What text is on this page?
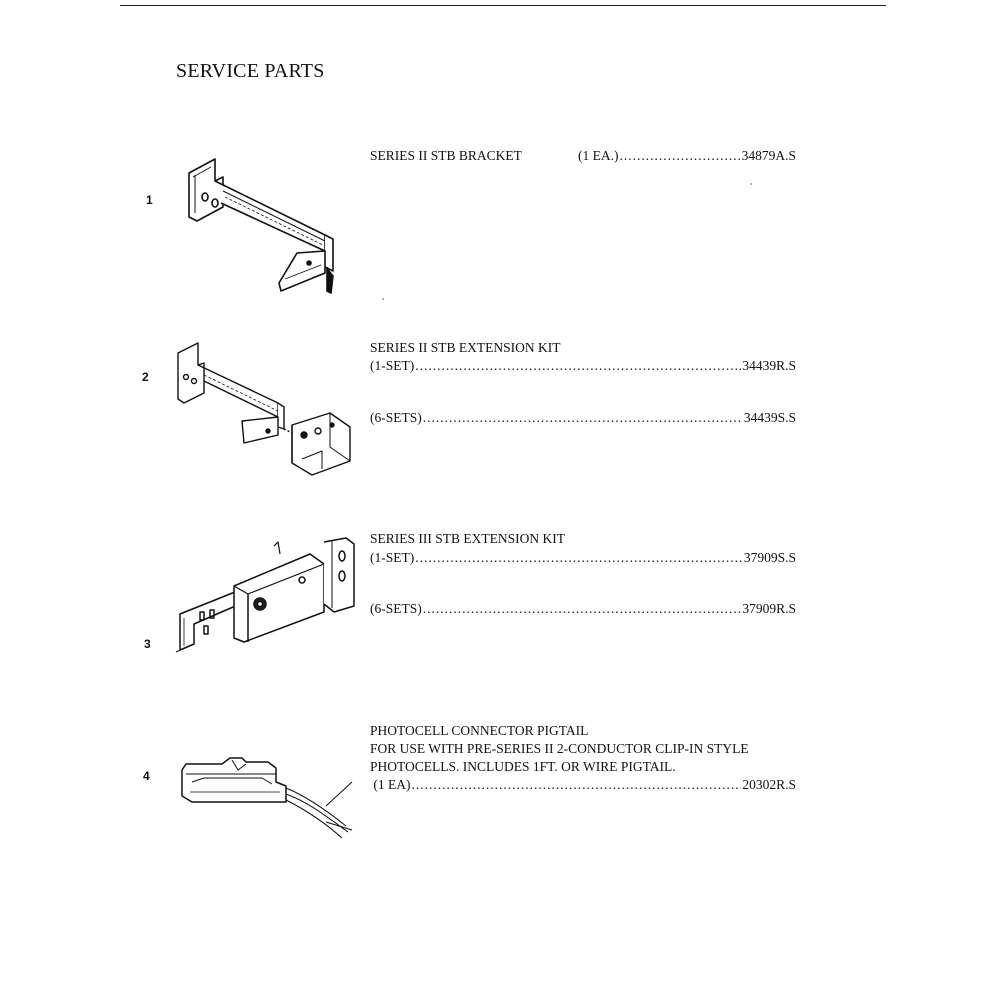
SERVICE PARTS
1
SERIES II STB BRACKET	(1 EA.) .....	34879A.S
2
SERIES II STB EXTENSION KIT
(1-SET) .....	34439R.S
(6-SETS) .....	34439S.S
3
SERIES III STB EXTENSION KIT
(1-SET) .....	37909S.S
(6-SETS) .....	37909R.S
4
PHOTOCELL CONNECTOR PIGTAIL
FOR USE WITH PRE-SERIES II 2-CONDUCTOR CLIP-IN STYLE
PHOTOCELLS. INCLUDES 1FT. OR WIRE PIGTAIL.
(1 EA) .....	20302R.S
